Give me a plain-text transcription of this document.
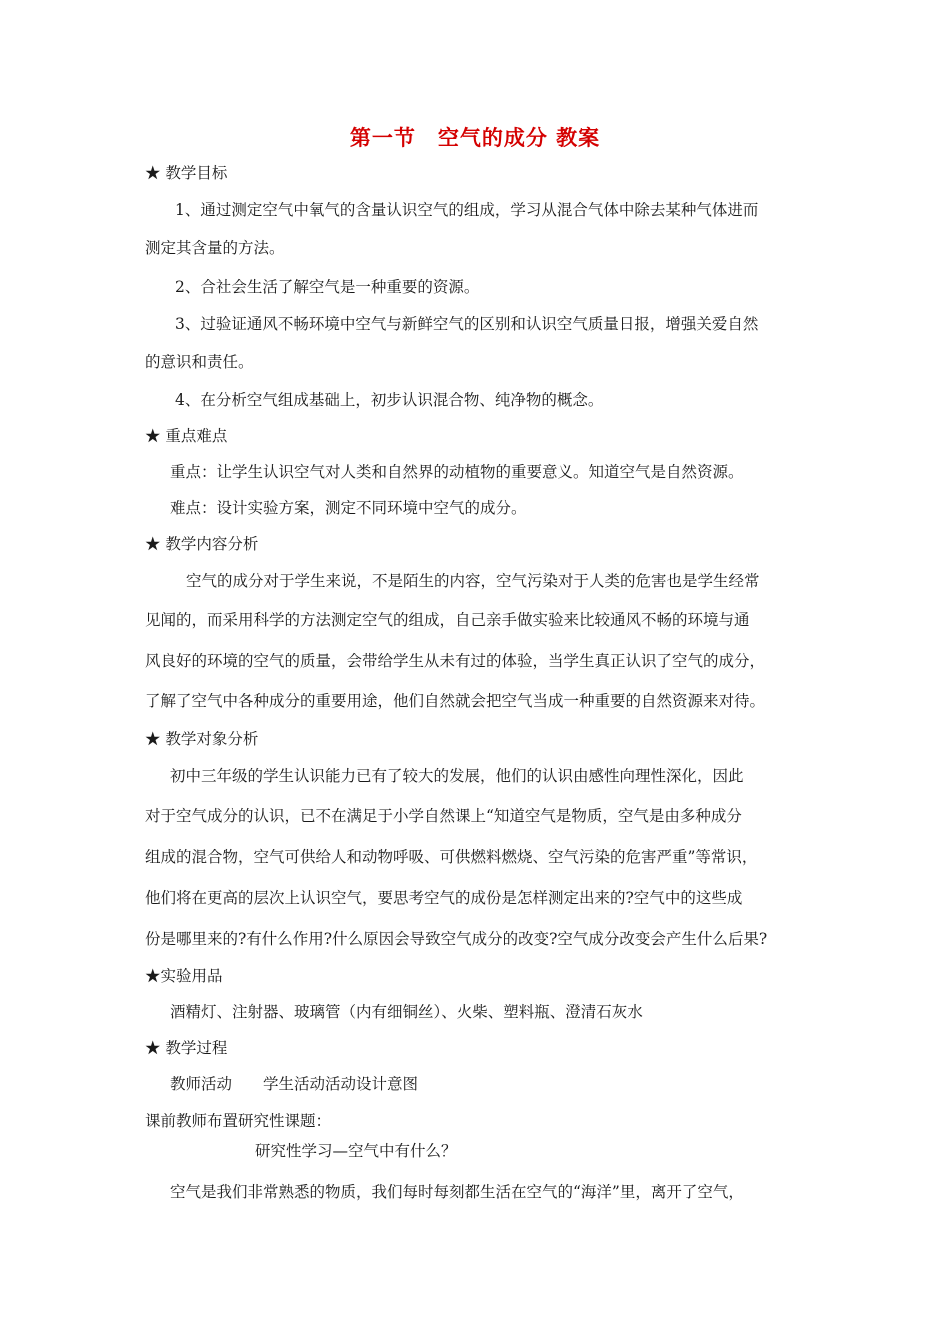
第一节　空气的成分 教案
★ 教学目标
1、通过测定空气中氧气的含量认识空气的组成，学习从混合气体中除去某种气体进而
测定其含量的方法。
2、合社会生活了解空气是一种重要的资源。
3、过验证通风不畅环境中空气与新鲜空气的区别和认识空气质量日报，增强关爱自然
的意识和责任。
4、在分析空气组成基础上，初步认识混合物、纯净物的概念。
★ 重点难点
重点：让学生认识空气对人类和自然界的动植物的重要意义。知道空气是自然资源。
难点：设计实验方案，测定不同环境中空气的成分。
★ 教学内容分析
空气的成分对于学生来说，不是陌生的内容，空气污染对于人类的危害也是学生经常
见闻的，而采用科学的方法测定空气的组成，自己亲手做实验来比较通风不畅的环境与通
风良好的环境的空气的质量，会带给学生从未有过的体验，当学生真正认识了空气的成分，
了解了空气中各种成分的重要用途，他们自然就会把空气当成一种重要的自然资源来对待。
★ 教学对象分析
初中三年级的学生认识能力已有了较大的发展，他们的认识由感性向理性深化，因此
对于空气成分的认识，已不在满足于小学自然课上“知道空气是物质，空气是由多种成分
组成的混合物，空气可供给人和动物呼吸、可供燃料燃烧、空气污染的危害严重”等常识，
他们将在更高的层次上认识空气，要思考空气的成份是怎样测定出来的?空气中的这些成
份是哪里来的?有什么作用?什么原因会导致空气成分的改变?空气成分改变会产生什么后果?
★实验用品
酒精灯、注射器、玻璃管（内有细铜丝）、火柴、塑料瓶、澄清石灰水
★ 教学过程
教师活动　　学生活动活动设计意图
课前教师布置研究性课题：
研究性学习—空气中有什么？
空气是我们非常熟悉的物质，我们每时每刻都生活在空气的“海洋”里，离开了空气，
